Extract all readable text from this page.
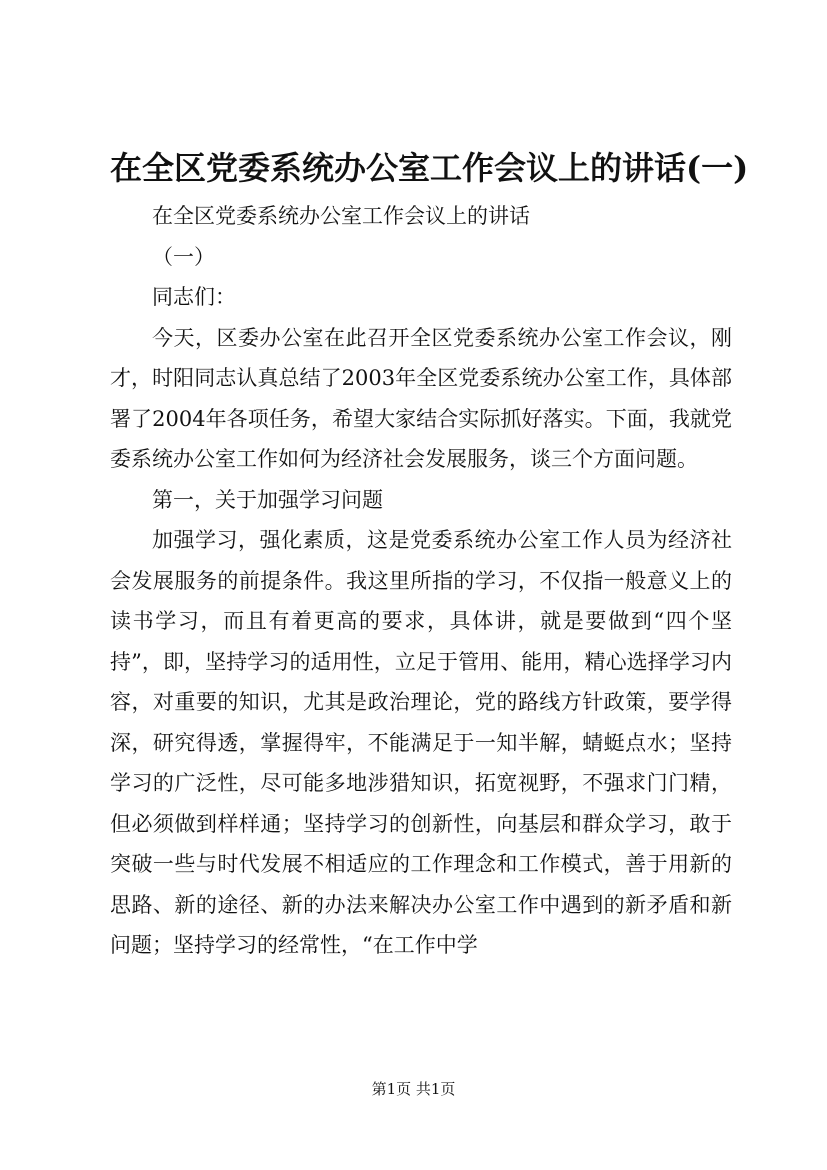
在全区党委系统办公室工作会议上的讲话(一)

在全区党委系统办公室工作会议上的讲话

（一）

同志们：

今天，区委办公室在此召开全区党委系统办公室工作会议，刚才，时阳同志认真总结了2003年全区党委系统办公室工作，具体部署了2004年各项任务，希望大家结合实际抓好落实。下面，我就党委系统办公室工作如何为经济社会发展服务，谈三个方面问题。

第一，关于加强学习问题

加强学习，强化素质，这是党委系统办公室工作人员为经济社会发展服务的前提条件。我这里所指的学习，不仅指一般意义上的读书学习，而且有着更高的要求，具体讲，就是要做到“四个坚持”，即，坚持学习的适用性，立足于管用、能用，精心选择学习内容，对重要的知识，尤其是政治理论，党的路线方针政策，要学得深，研究得透，掌握得牢，不能满足于一知半解，蜻蜓点水；坚持学习的广泛性，尽可能多地涉猎知识，拓宽视野，不强求门门精，但必须做到样样通；坚持学习的创新性，向基层和群众学习，敢于突破一些与时代发展不相适应的工作理念和工作模式，善于用新的思路、新的途径、新的办法来解决办公室工作中遇到的新矛盾和新问题；坚持学习的经常性，“在工作中学

第1页 共1页
